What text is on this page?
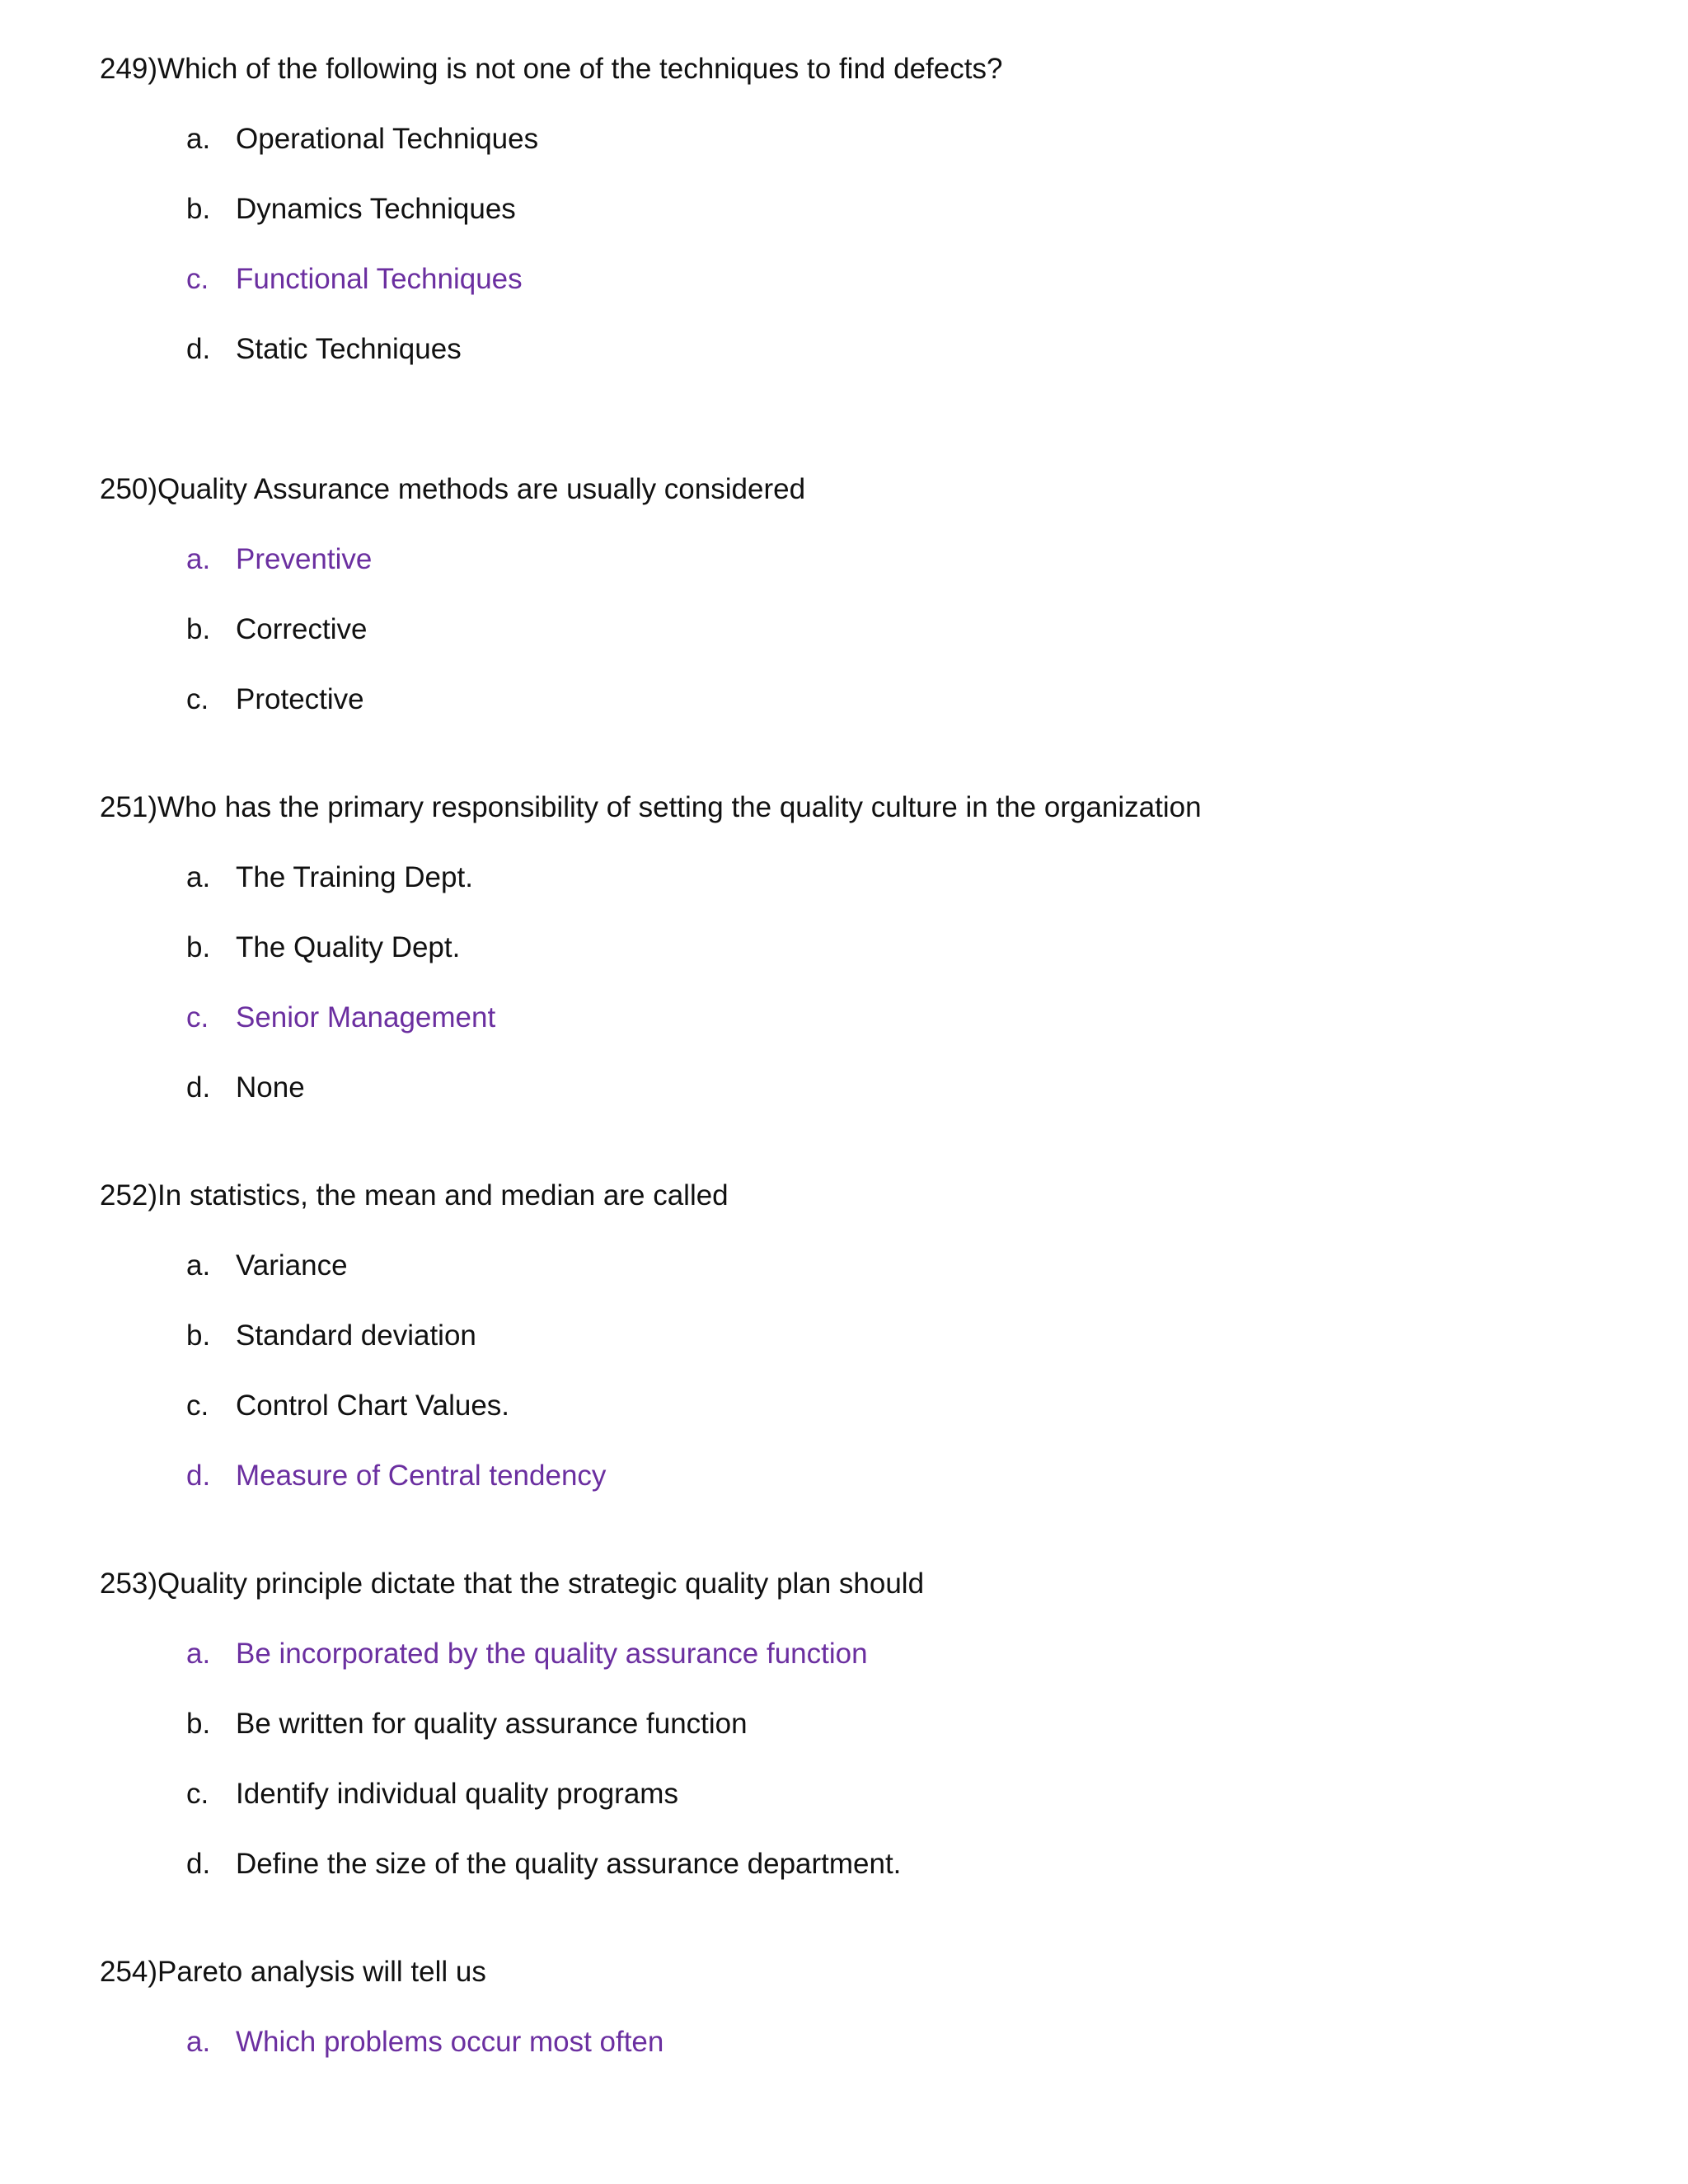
249)Which of the following is not one of the techniques to find defects?
a. Operational Techniques
b. Dynamics Techniques
c. Functional Techniques
d. Static Techniques
250)Quality Assurance methods are usually considered
a. Preventive
b. Corrective
c. Protective
251)Who has the primary responsibility of setting the quality culture in the organization
a. The Training Dept.
b. The Quality Dept.
c. Senior Management
d. None
252)In statistics, the mean and median are called
a. Variance
b. Standard deviation
c. Control Chart Values.
d. Measure of Central tendency
253)Quality principle dictate that the strategic quality plan should
a. Be incorporated by the quality assurance function
b. Be written for quality assurance function
c. Identify individual quality programs
d. Define the size of the quality assurance department.
254)Pareto analysis will tell us
a. Which problems occur most often
